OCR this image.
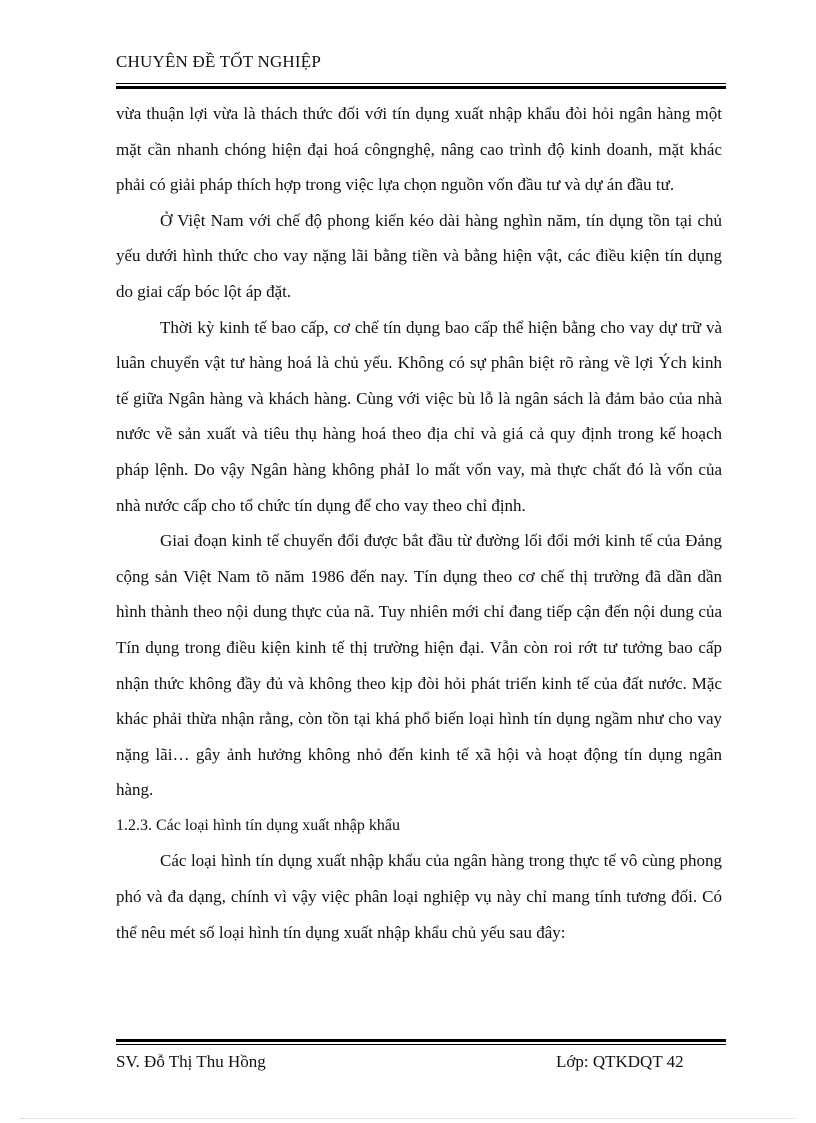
CHUYÊN ĐỀ TỐT NGHIỆP

vừa thuận lợi vừa là thách thức đối với tín dụng xuất nhập khẩu đòi hỏi ngân hàng một mặt cần nhanh chóng hiện đại hoá côngnghệ, nâng cao trình độ kinh doanh, mặt khác phải có giải pháp thích hợp trong việc lựa chọn nguồn vốn đầu tư và dự án đầu tư.

Ở Việt Nam với chế độ phong kiến kéo dài hàng nghìn năm, tín dụng tồn tại chủ yếu dưới hình thức cho vay nặng lãi bằng tiền và bằng hiện vật, các điều kiện tín dụng do giai cấp bóc lột áp đặt.

Thời kỳ kinh tế bao cấp, cơ chế tín dụng bao cấp thể hiện bằng cho vay dự trữ và luân chuyển vật tư hàng hoá là chủ yếu. Không có sự phân biệt rõ ràng về lợi Ých kinh tế giữa Ngân hàng và khách hàng. Cùng với việc bù lỗ là ngân sách là đảm bảo của nhà nước về sản xuất và tiêu thụ hàng hoá theo địa chỉ và giá cả quy định trong kế hoạch pháp lệnh. Do vậy Ngân hàng không phảI lo mất vốn vay, mà thực chất đó là vốn của nhà nước cấp cho tổ chức tín dụng để cho vay theo chỉ định.

Giai đoạn kinh tế chuyển đổi được bắt đầu từ đường lối đổi mới kinh tế của Đảng cộng sản Việt Nam tõ năm 1986 đến nay. Tín dụng theo cơ chế thị trường đã dần dần hình thành theo nội dung thực của nã. Tuy nhiên mới chỉ đang tiếp cận đến nội dung của Tín dụng trong điều kiện kinh tế thị trường hiện đại. Vẫn còn roi rớt tư tưởng bao cấp nhận thức không đầy đủ và không theo kịp đòi hỏi phát triển kinh tế của đất nước. Mặc khác phải thừa nhận rằng, còn tồn tại khá phổ biến loại hình tín dụng ngầm như cho vay nặng lãi… gây ảnh hưởng không nhỏ đến kinh tế xã hội và hoạt động tín dụng ngân hàng.

1.2.3. Các loại hình tín dụng xuất nhập khẩu

Các loại hình tín dụng xuất nhập khẩu của ngân hàng trong thực tế vô cùng phong phó và đa dạng, chính vì vậy việc phân loại nghiệp vụ này chỉ mang tính tương đối. Có thể nêu mét số loại hình tín dụng xuất nhập khẩu chủ yếu sau đây:

SV. Đỗ Thị Thu Hồng	Lớp: QTKDQT 42
